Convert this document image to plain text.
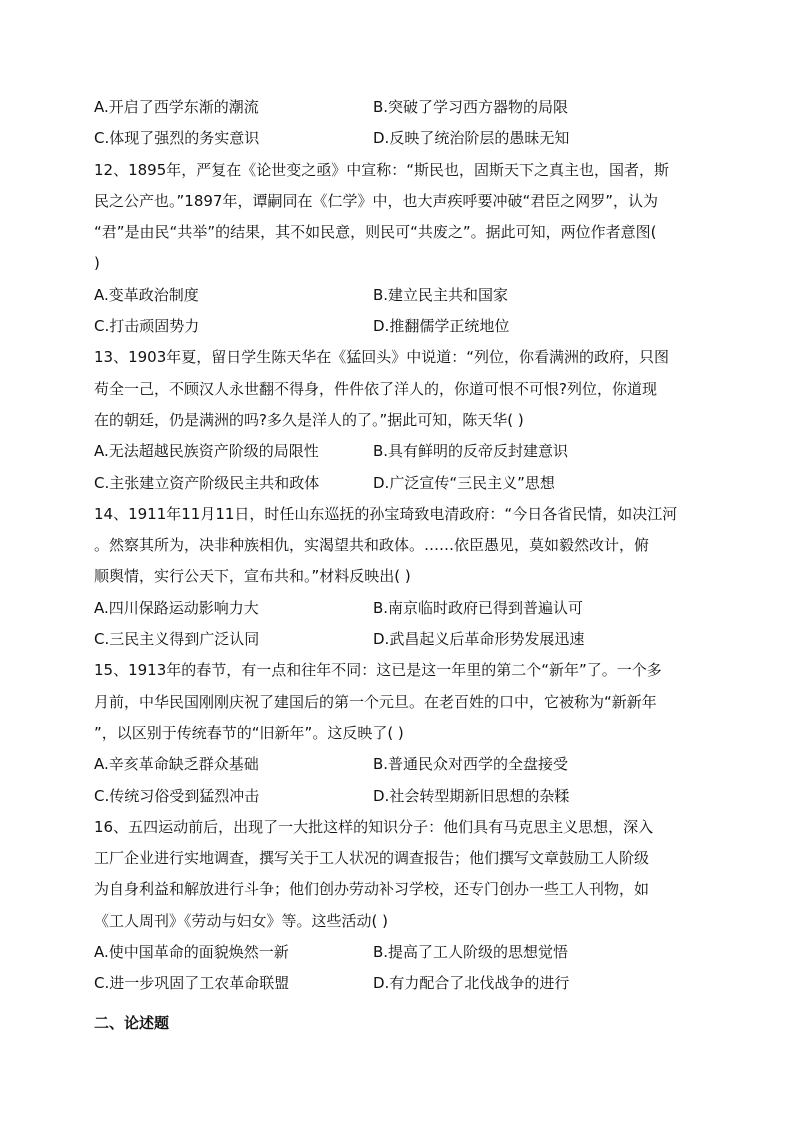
A.开启了西学东渐的潮流	B.突破了学习西方器物的局限
C.体现了强烈的务实意识	D.反映了统治阶层的愚昧无知
12、1895年，严复在《论世变之亟》中宣称：“斯民也，固斯天下之真主也，国者，斯
民之公产也。”1897年，谭嗣同在《仁学》中，也大声疾呼要冲破“君臣之网罗”，认为
“君”是由民“共举”的结果，其不如民意，则民可“共废之”。据此可知，两位作者意图(
)
A.变革政治制度	B.建立民主共和国家
C.打击顽固势力	D.推翻儒学正统地位
13、1903年夏，留日学生陈天华在《猛回头》中说道：“列位，你看满洲的政府，只图
苟全一己，不顾汉人永世翻不得身，件件依了洋人的，你道可恨不可恨?列位，你道现
在的朝廷，仍是满洲的吗?多久是洋人的了。”据此可知，陈天华( )
A.无法超越民族资产阶级的局限性	B.具有鲜明的反帝反封建意识
C.主张建立资产阶级民主共和政体	D.广泛宣传“三民主义”思想
14、1911年11月11日，时任山东巡抚的孙宝琦致电清政府：“今日各省民情，如决江河
。然察其所为，决非种族相仇，实渴望共和政体。……依臣愚见，莫如毅然改计，俯
顺舆情，实行公天下，宣布共和。”材料反映出( )
A.四川保路运动影响力大	B.南京临时政府已得到普遍认可
C.三民主义得到广泛认同	D.武昌起义后革命形势发展迅速
15、1913年的春节，有一点和往年不同：这已是这一年里的第二个“新年”了。一个多
月前，中华民国刚刚庆祝了建国后的第一个元旦。在老百姓的口中，它被称为“新新年
”，以区别于传统春节的“旧新年”。这反映了( )
A.辛亥革命缺乏群众基础	B.普通民众对西学的全盘接受
C.传统习俗受到猛烈冲击	D.社会转型期新旧思想的杂糅
16、五四运动前后，出现了一大批这样的知识分子：他们具有马克思主义思想，深入
工厂企业进行实地调查，撰写关于工人状况的调查报告；他们撰写文章鼓励工人阶级
为自身利益和解放进行斗争；他们创办劳动补习学校，还专门创办一些工人刊物，如
《工人周刊》《劳动与妇女》等。这些活动( )
A.使中国革命的面貌焕然一新	B.提高了工人阶级的思想觉悟
C.进一步巩固了工农革命联盟	D.有力配合了北伐战争的进行
二、论述题
